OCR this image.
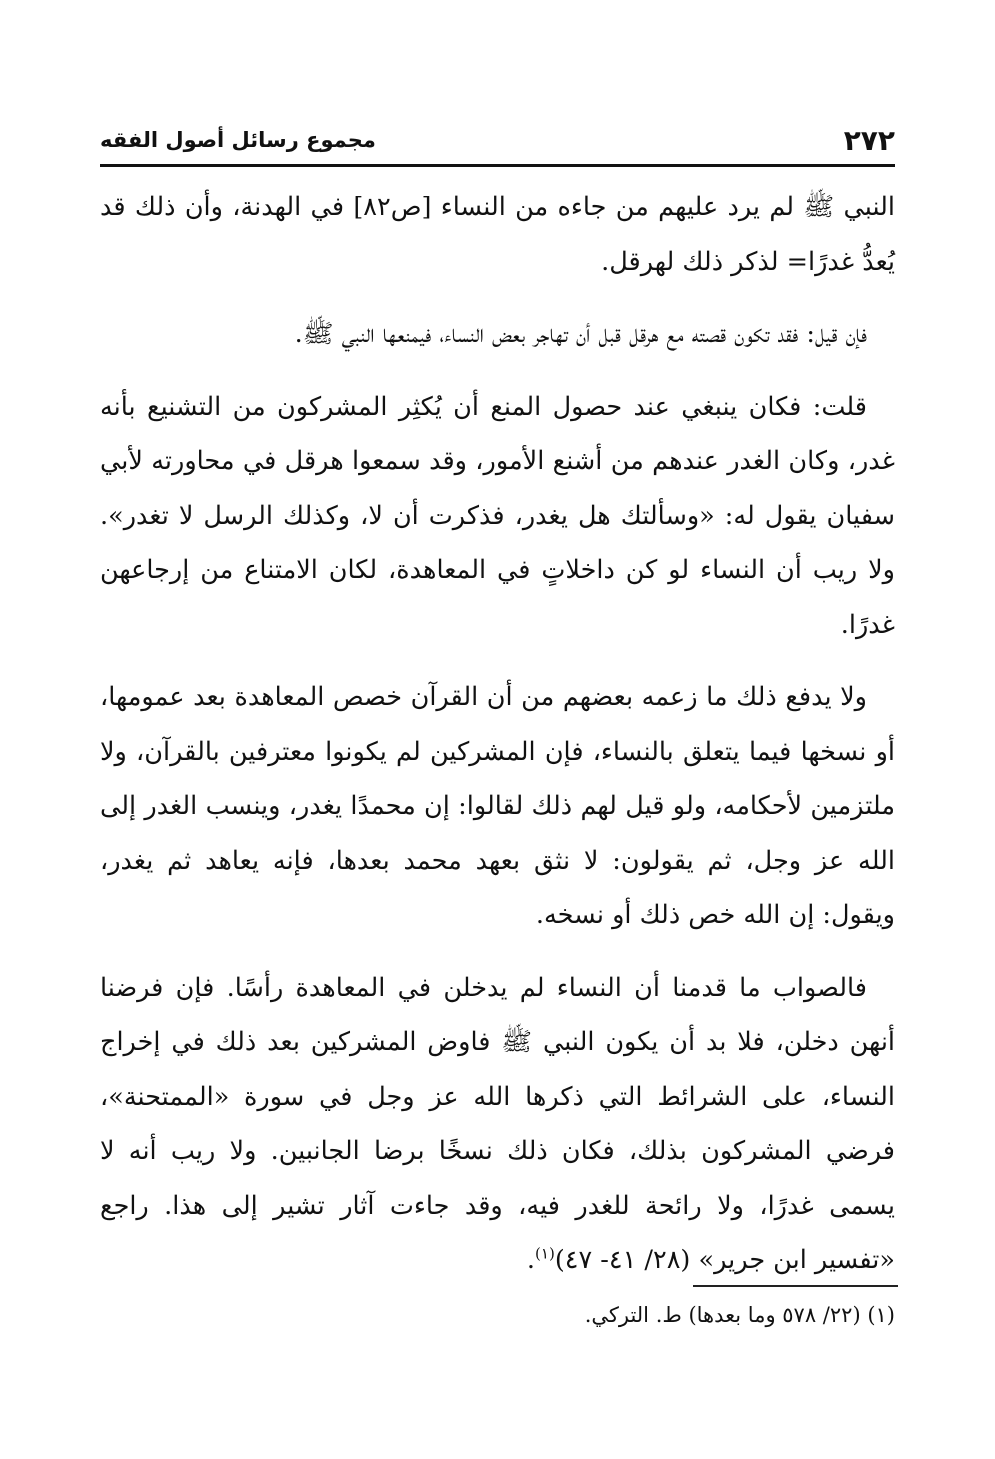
٢٧٢
مجموع رسائل أصول الفقه

النبي ﷺ لم يرد عليهم من جاءه من النساء [ص٨٢] في الهدنة، وأن ذلك قد يُعدُّ غدرًا= لذكر ذلك لهرقل.

فإن قيل: فقد تكون قصته مع هرقل قبل أن تهاجر بعض النساء، فيمنعها النبي ﷺ.

قلت: فكان ينبغي عند حصول المنع أن يُكثِر المشركون من التشنيع بأنه غدر، وكان الغدر عندهم من أشنع الأمور، وقد سمعوا هرقل في محاورته لأبي سفيان يقول له: «وسألتك هل يغدر، فذكرت أن لا، وكذلك الرسل لا تغدر». ولا ريب أن النساء لو كن داخلاتٍ في المعاهدة، لكان الامتناع من إرجاعهن غدرًا.

ولا يدفع ذلك ما زعمه بعضهم من أن القرآن خصص المعاهدة بعد عمومها، أو نسخها فيما يتعلق بالنساء، فإن المشركين لم يكونوا معترفين بالقرآن، ولا ملتزمين لأحكامه، ولو قيل لهم ذلك لقالوا: إن محمدًا يغدر، وينسب الغدر إلى الله عز وجل، ثم يقولون: لا نثق بعهد محمد بعدها، فإنه يعاهد ثم يغدر، ويقول: إن الله خص ذلك أو نسخه.

فالصواب ما قدمنا أن النساء لم يدخلن في المعاهدة رأسًا. فإن فرضنا أنهن دخلن، فلا بد أن يكون النبي ﷺ فاوض المشركين بعد ذلك في إخراج النساء، على الشرائط التي ذكرها الله عز وجل في سورة «الممتحنة»، فرضي المشركون بذلك، فكان ذلك نسخًا برضا الجانبين. ولا ريب أنه لا يسمى غدرًا، ولا رائحة للغدر فيه، وقد جاءت آثار تشير إلى هذا. راجع «تفسير ابن جرير» (٢٨/ ٤١- ٤٧)$^{(١)}$.

(١) (٢٢/ ٥٧٨ وما بعدها) ط. التركي.
